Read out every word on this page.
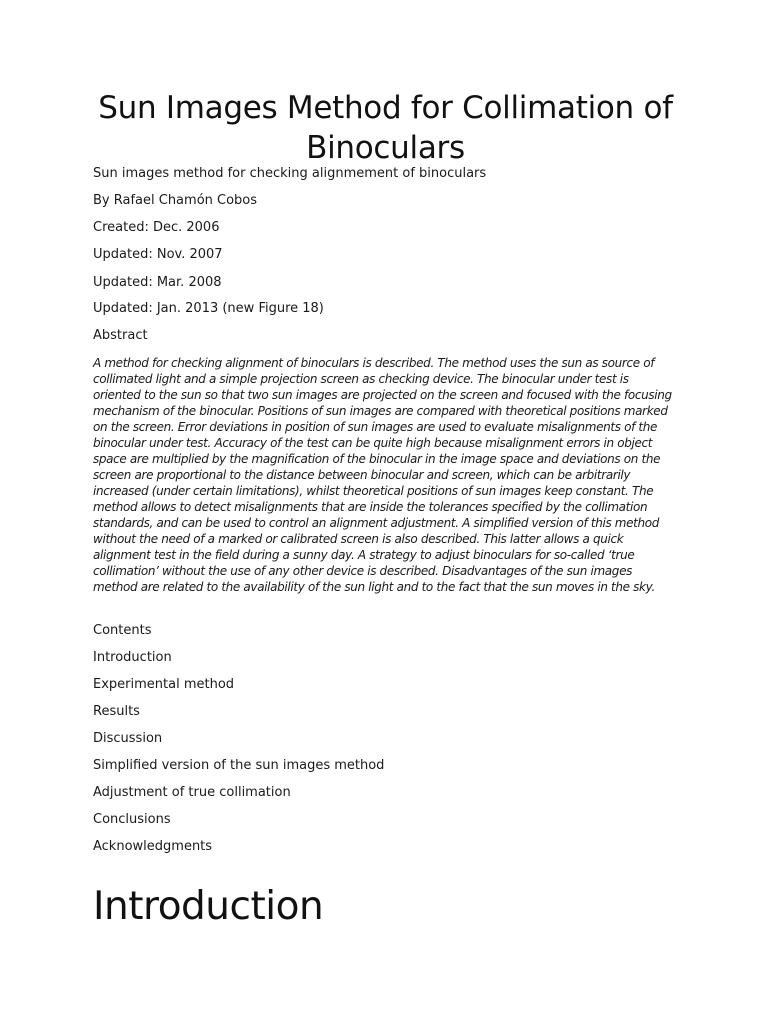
Sun Images Method for Collimation of Binoculars
Sun images method for checking alignmement of binoculars
By Rafael Chamón Cobos
Created: Dec. 2006
Updated: Nov. 2007
Updated: Mar. 2008
Updated: Jan. 2013 (new Figure 18)
Abstract

A method for checking alignment of binoculars is described. The method uses the sun as source of collimated light and a simple projection screen as checking device. The binocular under test is oriented to the sun so that two sun images are projected on the screen and focused with the focusing mechanism of the binocular. Positions of sun images are compared with theoretical positions marked on the screen. Error deviations in position of sun images are used to evaluate misalignments of the binocular under test. Accuracy of the test can be quite high because misalignment errors in object space are multiplied by the magnification of the binocular in the image space and deviations on the screen are proportional to the distance between binocular and screen, which can be arbitrarily increased (under certain limitations), whilst theoretical positions of sun images keep constant. The method allows to detect misalignments that are inside the tolerances specified by the collimation standards, and can be used to control an alignment adjustment. A simplified version of this method without the need of a marked or calibrated screen is also described. This latter allows a quick alignment test in the field during a sunny day. A strategy to adjust binoculars for so-called ‘true collimation’ without the use of any other device is described. Disadvantages of the sun images method are related to the availability of the sun light and to the fact that the sun moves in the sky.

Contents
Introduction
Experimental method
Results
Discussion
Simplified version of the sun images method
Adjustment of true collimation
Conclusions
Acknowledgments
Introduction
